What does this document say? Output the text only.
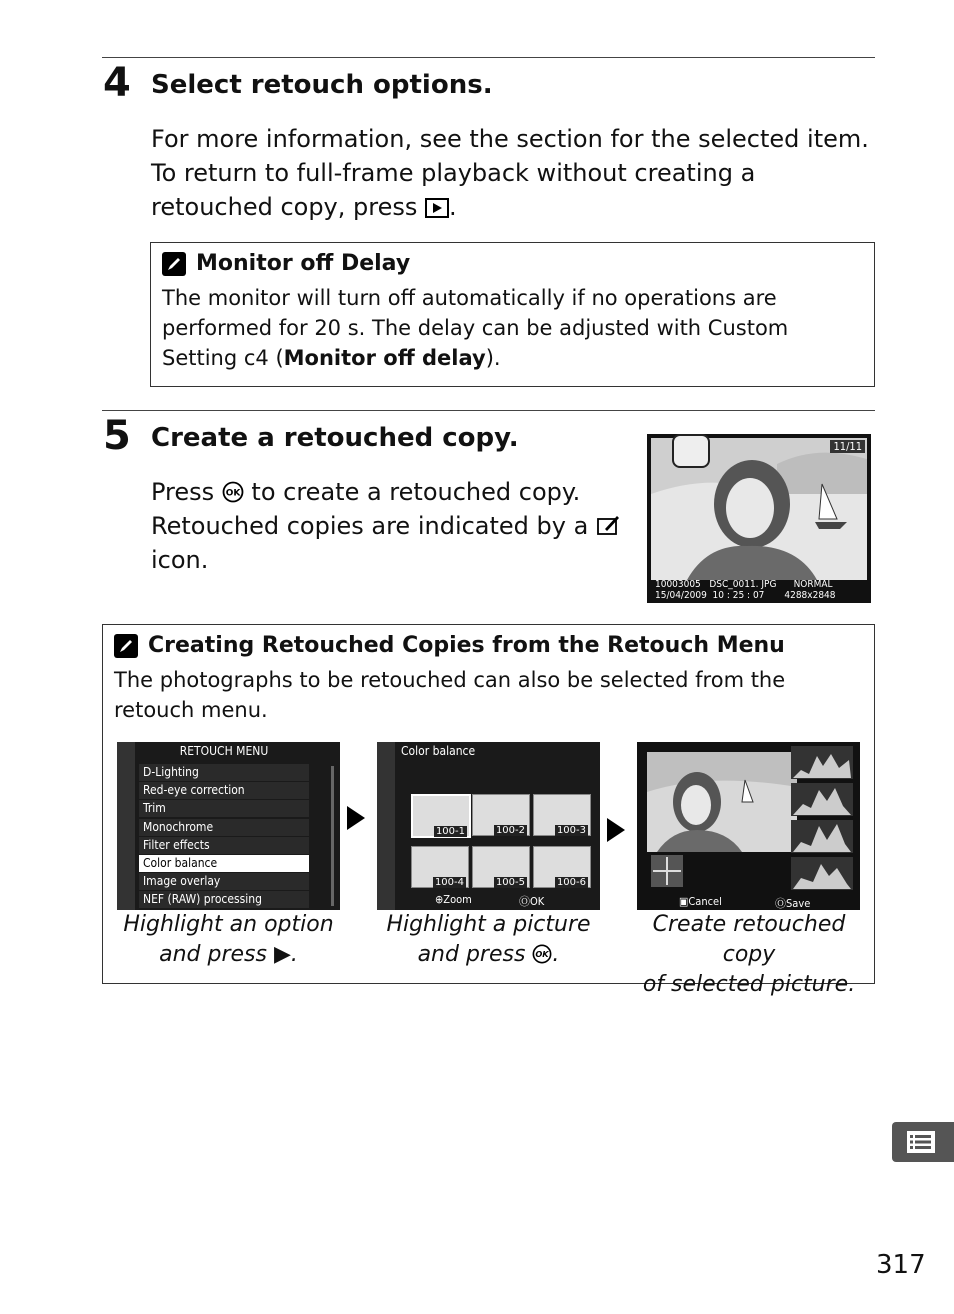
4 Select retouch options.
For more information, see the section for the selected item. To return to full-frame playback without creating a retouched copy, press .
Monitor off Delay
The monitor will turn off automatically if no operations are performed for 20 s. The delay can be adjusted with Custom Setting c4 (Monitor off delay).
5 Create a retouched copy.
Press OK to create a retouched copy.
Retouched copies are indicated by a
icon.
11/11
10003005   DSC_0011. JPG      NORMAL
15/04/2009  10 : 25 : 07       4288x2848
Creating Retouched Copies from the Retouch Menu
The photographs to be retouched can also be selected from the retouch menu.
RETOUCH MENU
D-Lighting
Red-eye correction
Trim
Monochrome
Filter effects
Color balance
Image overlay
NEF (RAW) processing
Color balance
100-1	100-2	100-3
100-4	100-5	100-6
⊕Zoom	ⓄOK	▣Cancel	ⓄSave
Highlight an option
and press ▶.
Highlight a picture
and press OK .
Create retouched copy
of selected picture.
317
